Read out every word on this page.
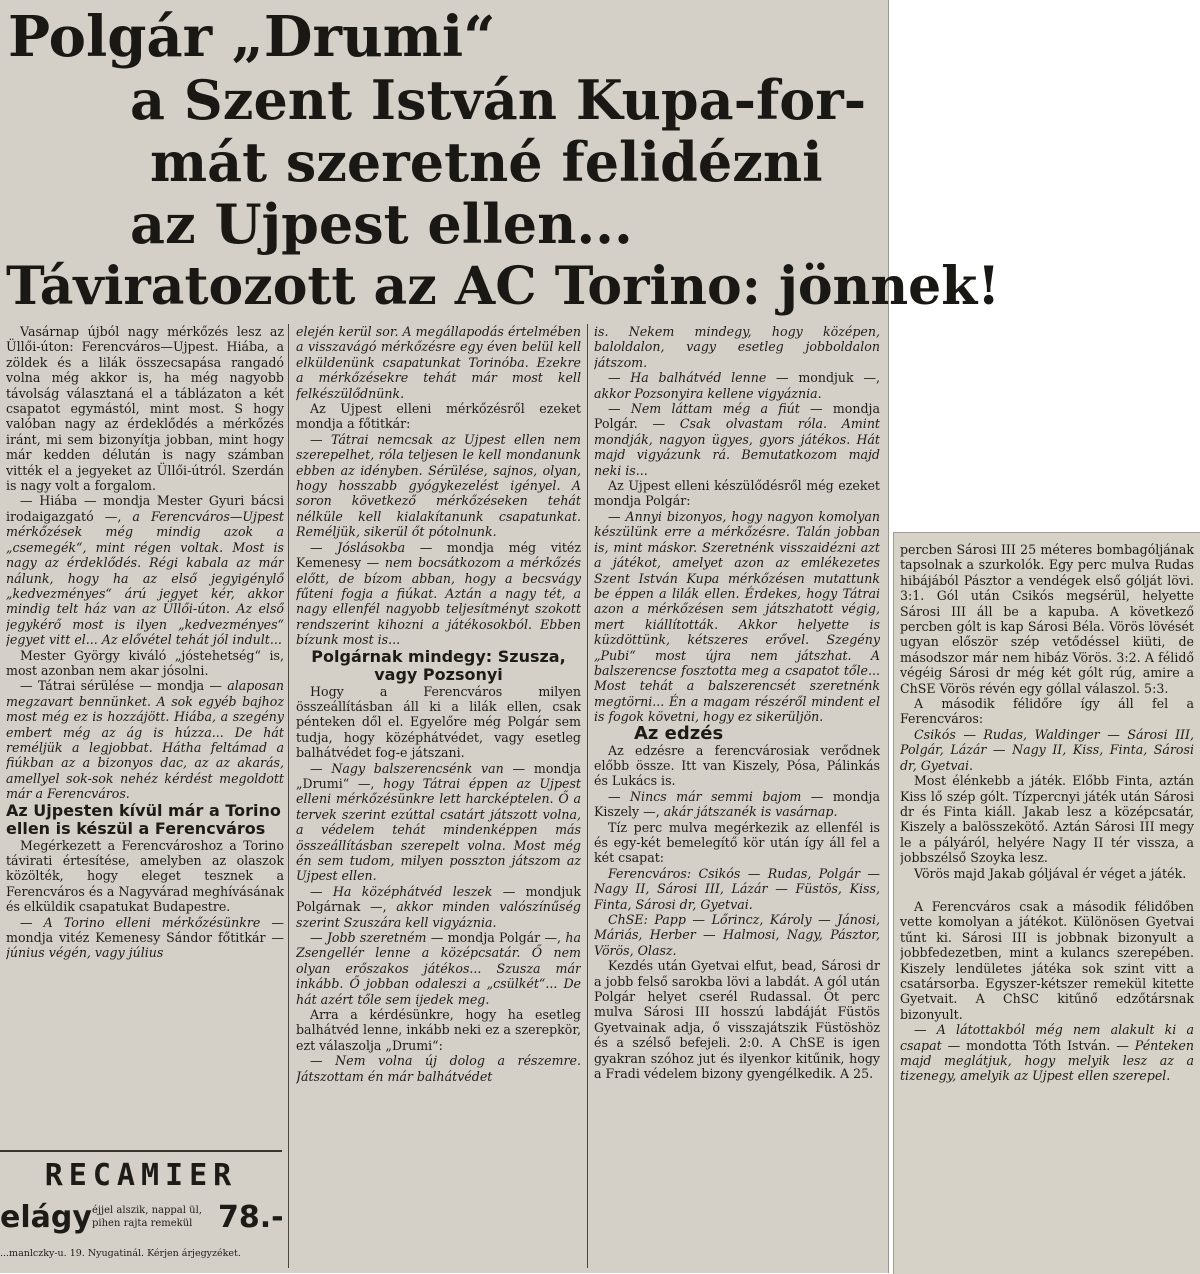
Polgár „Drumi“
a Szent István Kupa-for-
mát szeretné felidézni
az Ujpest ellen...
Táviratozott az AC Torino: jönnek!

Vasárnap újból nagy mérkőzés lesz az Üllői-úton: Ferencváros—Ujpest. Hiába, a zöldek és a lilák összecsapása rangadó volna még akkor is, ha még nagyobb távolság választaná el a táblázaton a két csapatot egymástól, mint most. S hogy valóban nagy az érdeklődés a mérkőzés iránt, mi sem bizonyítja jobban, mint hogy már kedden délután is nagy számban vitték el a jegyeket az Üllői-útról. Szerdán is nagy volt a forgalom.

— Hiába — mondja Mester Gyuri bácsi irodaigazgató —, a Ferencváros—Ujpest mérkőzések még mindig azok a „csemegék“, mint régen voltak. Most is nagy az érdeklődés. Régi kabala az már nálunk, hogy ha az első jegyigénylő „kedvezményes“ árú jegyet kér, akkor mindig telt ház van az Üllői-úton. Az első jegykérő most is ilyen „kedvezményes“ jegyet vitt el... Az elővétel tehát jól indult...

Mester György kiváló „jóstehetség“ is, most azonban nem akar jósolni.

— Tátrai sérülése — mondja — alaposan megzavart bennünket. A sok egyéb bajhoz most még ez is hozzájött. Hiába, a szegény embert még az ág is húzza... De hát reméljük a legjobbat. Hátha feltámad a fiúkban az a bizonyos dac, az az akarás, amellyel sok-sok nehéz kérdést megoldott már a Ferencváros.

Az Ujpesten kívül már a Torino ellen is készül a Ferencváros

Megérkezett a Ferencvároshoz a Torino távirati értesítése, amelyben az olaszok közölték, hogy eleget tesznek a Ferencváros és a Nagyvárad meghívásának és elküldik csapatukat Budapestre.

— A Torino elleni mérkőzésünkre — mondja vitéz Kemenesy Sándor főtitkár — június végén, vagy július

elején kerül sor. A megállapodás értelmében a visszavágó mérkőzésre egy éven belül kell elküldenünk csapatunkat Torinóba. Ezekre a mérkőzésekre tehát már most kell felkészülődnünk.

Az Ujpest elleni mérkőzésről ezeket mondja a főtitkár:

— Tátrai nemcsak az Ujpest ellen nem szerepelhet, róla teljesen le kell mondanunk ebben az idényben. Sérülése, sajnos, olyan, hogy hosszabb gyógykezelést igényel. A soron következő mérkőzéseken tehát nélküle kell kialakítanunk csapatunkat. Reméljük, sikerül őt pótolnunk.

— Jóslásokba — mondja még vitéz Kemenesy — nem bocsátkozom a mérkőzés előtt, de bízom abban, hogy a becsvágy fűteni fogja a fiúkat. Aztán a nagy tét, a nagy ellenfél nagyobb teljesítményt szokott rendszerint kihozni a játékosokból. Ebben bízunk most is...

Polgárnak mindegy: Szusza, vagy Pozsonyi

Hogy a Ferencváros milyen összeállításban áll ki a lilák ellen, csak pénteken dől el. Egyelőre még Polgár sem tudja, hogy középhátvédet, vagy esetleg balhátvédet fog-e játszani.

— Nagy balszerencsénk van — mondja „Drumi“ —, hogy Tátrai éppen az Ujpest elleni mérkőzésünkre lett harcképtelen. Ő a tervek szerint ezúttal csatárt játszott volna, a védelem tehát mindenképpen más összeállításban szerepelt volna. Most még én sem tudom, milyen posszton játszom az Ujpest ellen.

— Ha középhátvéd leszek — mondjuk Polgárnak —, akkor minden valószínűség szerint Szuszára kell vigyáznia.

— Jobb szeretném — mondja Polgár —, ha Zsengellér lenne a középcsatár. Ő nem olyan erőszakos játékos... Szusza már inkább. Ő jobban odaleszi a „csülkét“... De hát azért tőle sem ijedek meg.

Arra a kérdésünkre, hogy ha esetleg balhátvéd lenne, inkább neki ez a szerepkör, ezt válaszolja „Drumi“:

— Nem volna új dolog a részemre. Játszottam én már balhátvédet

is. Nekem mindegy, hogy középen, baloldalon, vagy esetleg jobboldalon játszom.

— Ha balhátvéd lenne — mondjuk —, akkor Pozsonyira kellene vigyáznia.

— Nem láttam még a fiút — mondja Polgár. — Csak olvastam róla. Amint mondják, nagyon ügyes, gyors játékos. Hát majd vigyázunk rá. Bemutatkozom majd neki is...

Az Ujpest elleni készülődésről még ezeket mondja Polgár:

— Annyi bizonyos, hogy nagyon komolyan készülünk erre a mérkőzésre. Talán jobban is, mint máskor. Szeretnénk visszaidézni azt a játékot, amelyet azon az emlékezetes Szent István Kupa mérkőzésen mutattunk be éppen a lilák ellen. Érdekes, hogy Tátrai azon a mérkőzésen sem játszhatott végig, mert kiállították. Akkor helyette is küzdöttünk, kétszeres erővel. Szegény „Pubi“ most újra nem játszhat. A balszerencse fosztotta meg a csapatot tőle... Most tehát a balszerencsét szeretnénk megtörni... Én a magam részéről mindent el is fogok követni, hogy ez sikerüljön.

Az edzés

Az edzésre a ferencvárosiak verődnek előbb össze. Itt van Kiszely, Pósa, Pálinkás és Lukács is.

— Nincs már semmi bajom — mondja Kiszely —, akár játszanék is vasárnap.

Tíz perc mulva megérkezik az ellenfél is és egy-két bemelegítő kör után így áll fel a két csapat:

Ferencváros: Csikós — Rudas, Polgár — Nagy II, Sárosi III, Lázár — Füstös, Kiss, Finta, Sárosi dr, Gyetvai.

ChSE: Papp — Lőrincz, Károly — Jánosi, Máriás, Herber — Halmosi, Nagy, Pásztor, Vörös, Olasz.

Kezdés után Gyetvai elfut, bead, Sárosi dr a jobb felső sarokba lövi a labdát. A gól után Polgár helyet cserél Rudassal. Öt perc mulva Sárosi III hosszú labdáját Füstös Gyetvainak adja, ő visszajátszik Füstöshöz és a szélső befejeli. 2:0. A ChSE is igen gyakran szóhoz jut és ilyenkor kitűnik, hogy a Fradi védelem bizony gyengélkedik. A 25.

RECAMIER
elágy éjjel alszik, nappal ül, pihen rajta remekül 78.-
...manlczky-u. 19. Nyugatinál. Kérjen árjegyzéket.

percben Sárosi III 25 méteres bombagóljának tapsolnak a szurkolók. Egy perc mulva Rudas hibájából Pásztor a vendégek első gólját lövi. 3:1. Gól után Csikós megsérül, helyette Sárosi III áll be a kapuba. A következő percben gólt is kap Sárosi Béla. Vörös lövését ugyan először szép vetődéssel kiüti, de másodszor már nem hibáz Vörös. 3:2. A félidő végéig Sárosi dr még két gólt rúg, amire a ChSE Vörös révén egy góllal válaszol. 5:3.

A második félidőre így áll fel a Ferencváros:

Csikós — Rudas, Waldinger — Sárosi III, Polgár, Lázár — Nagy II, Kiss, Finta, Sárosi dr, Gyetvai.

Most élénkebb a játék. Előbb Finta, aztán Kiss lő szép gólt. Tízpercnyi játék után Sárosi dr és Finta kiáll. Jakab lesz a középcsatár, Kiszely a balösszekötő. Aztán Sárosi III megy le a pályáról, helyére Nagy II tér vissza, a jobbszélső Szoyka lesz.

Vörös majd Jakab góljával ér véget a játék.

A Ferencváros csak a második félidőben vette komolyan a játékot. Különösen Gyetvai tűnt ki. Sárosi III is jobbnak bizonyult a jobbfedezetben, mint a kulancs szerepében. Kiszely lendületes játéka sok szint vitt a csatársorba. Egyszer-kétszer remekül kitette Gyetvait. A ChSC kitűnő edzőtársnak bizonyult.

— A látottakból még nem alakult ki a csapat — mondotta Tóth István. — Pénteken majd meglátjuk, hogy melyik lesz az a tizenegy, amelyik az Ujpest ellen szerepel.
